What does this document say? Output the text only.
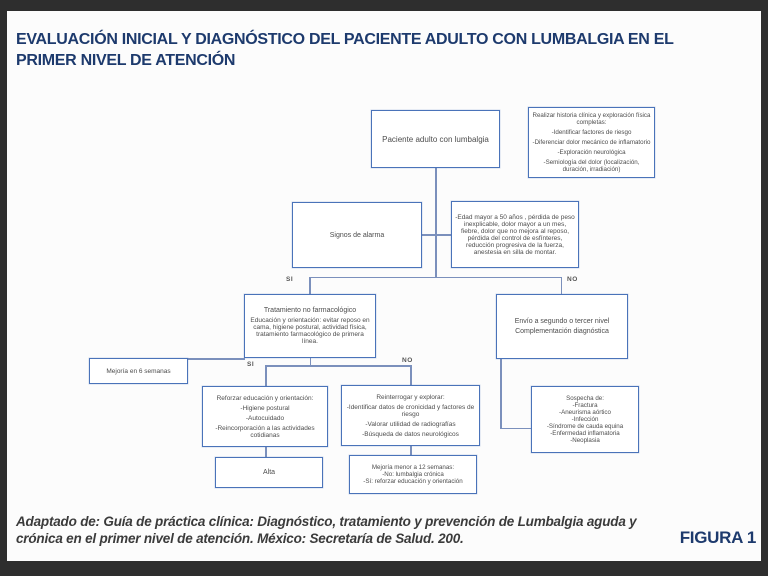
EVALUACIÓN INICIAL Y DIAGNÓSTICO DEL PACIENTE ADULTO CON LUMBALGIA EN EL PRIMER NIVEL DE ATENCIÓN
SI	NO
SI
NO
Paciente adulto con lumbalgia
Realizar historia clínica y exploración física completas:
-Identificar factores de riesgo
-Diferenciar dolor mecánico de inflamatorio
-Exploración neurológica
-Semiología del dolor (localización, duración, irradiación)
Signos de alarma
-Edad mayor a 50 años , pérdida de peso inexplicable, dolor mayor a un mes, fiebre, dolor que no mejora al reposo, pérdida del control de esfínteres, reducción progresiva de la fuerza, anestesia en silla de montar.
Tratamiento no farmacológico
Educación y orientación: evitar reposo en cama, higiene postural, actividad física, tratamiento farmacológico de primera línea.
Envío a segundo o tercer nivel
Complementación diagnóstica
Mejoría en 6 semanas
Reforzar educación y orientación:
-Higiene postural
-Autocuidado
-Reincorporación a las actividades cotidianas
Reinterrogar y explorar:
-Identificar datos de cronicidad y factores de riesgo
-Valorar utilidad de radiografías
-Búsqueda de datos neurológicos
Sospecha de:
-Fractura
-Aneurisma aórtico
-Infección
-Síndrome de cauda equina
-Enfermedad inflamatoria
-Neoplasia
Alta
Mejoría menor a 12 semanas:
-No: lumbalgia crónica
-Sí: reforzar educación y orientación
Adaptado de: Guía de práctica clínica: Diagnóstico, tratamiento y prevención de Lumbalgia aguda y crónica en el primer nivel de atención. México: Secretaría de Salud. 200.	FIGURA 1
